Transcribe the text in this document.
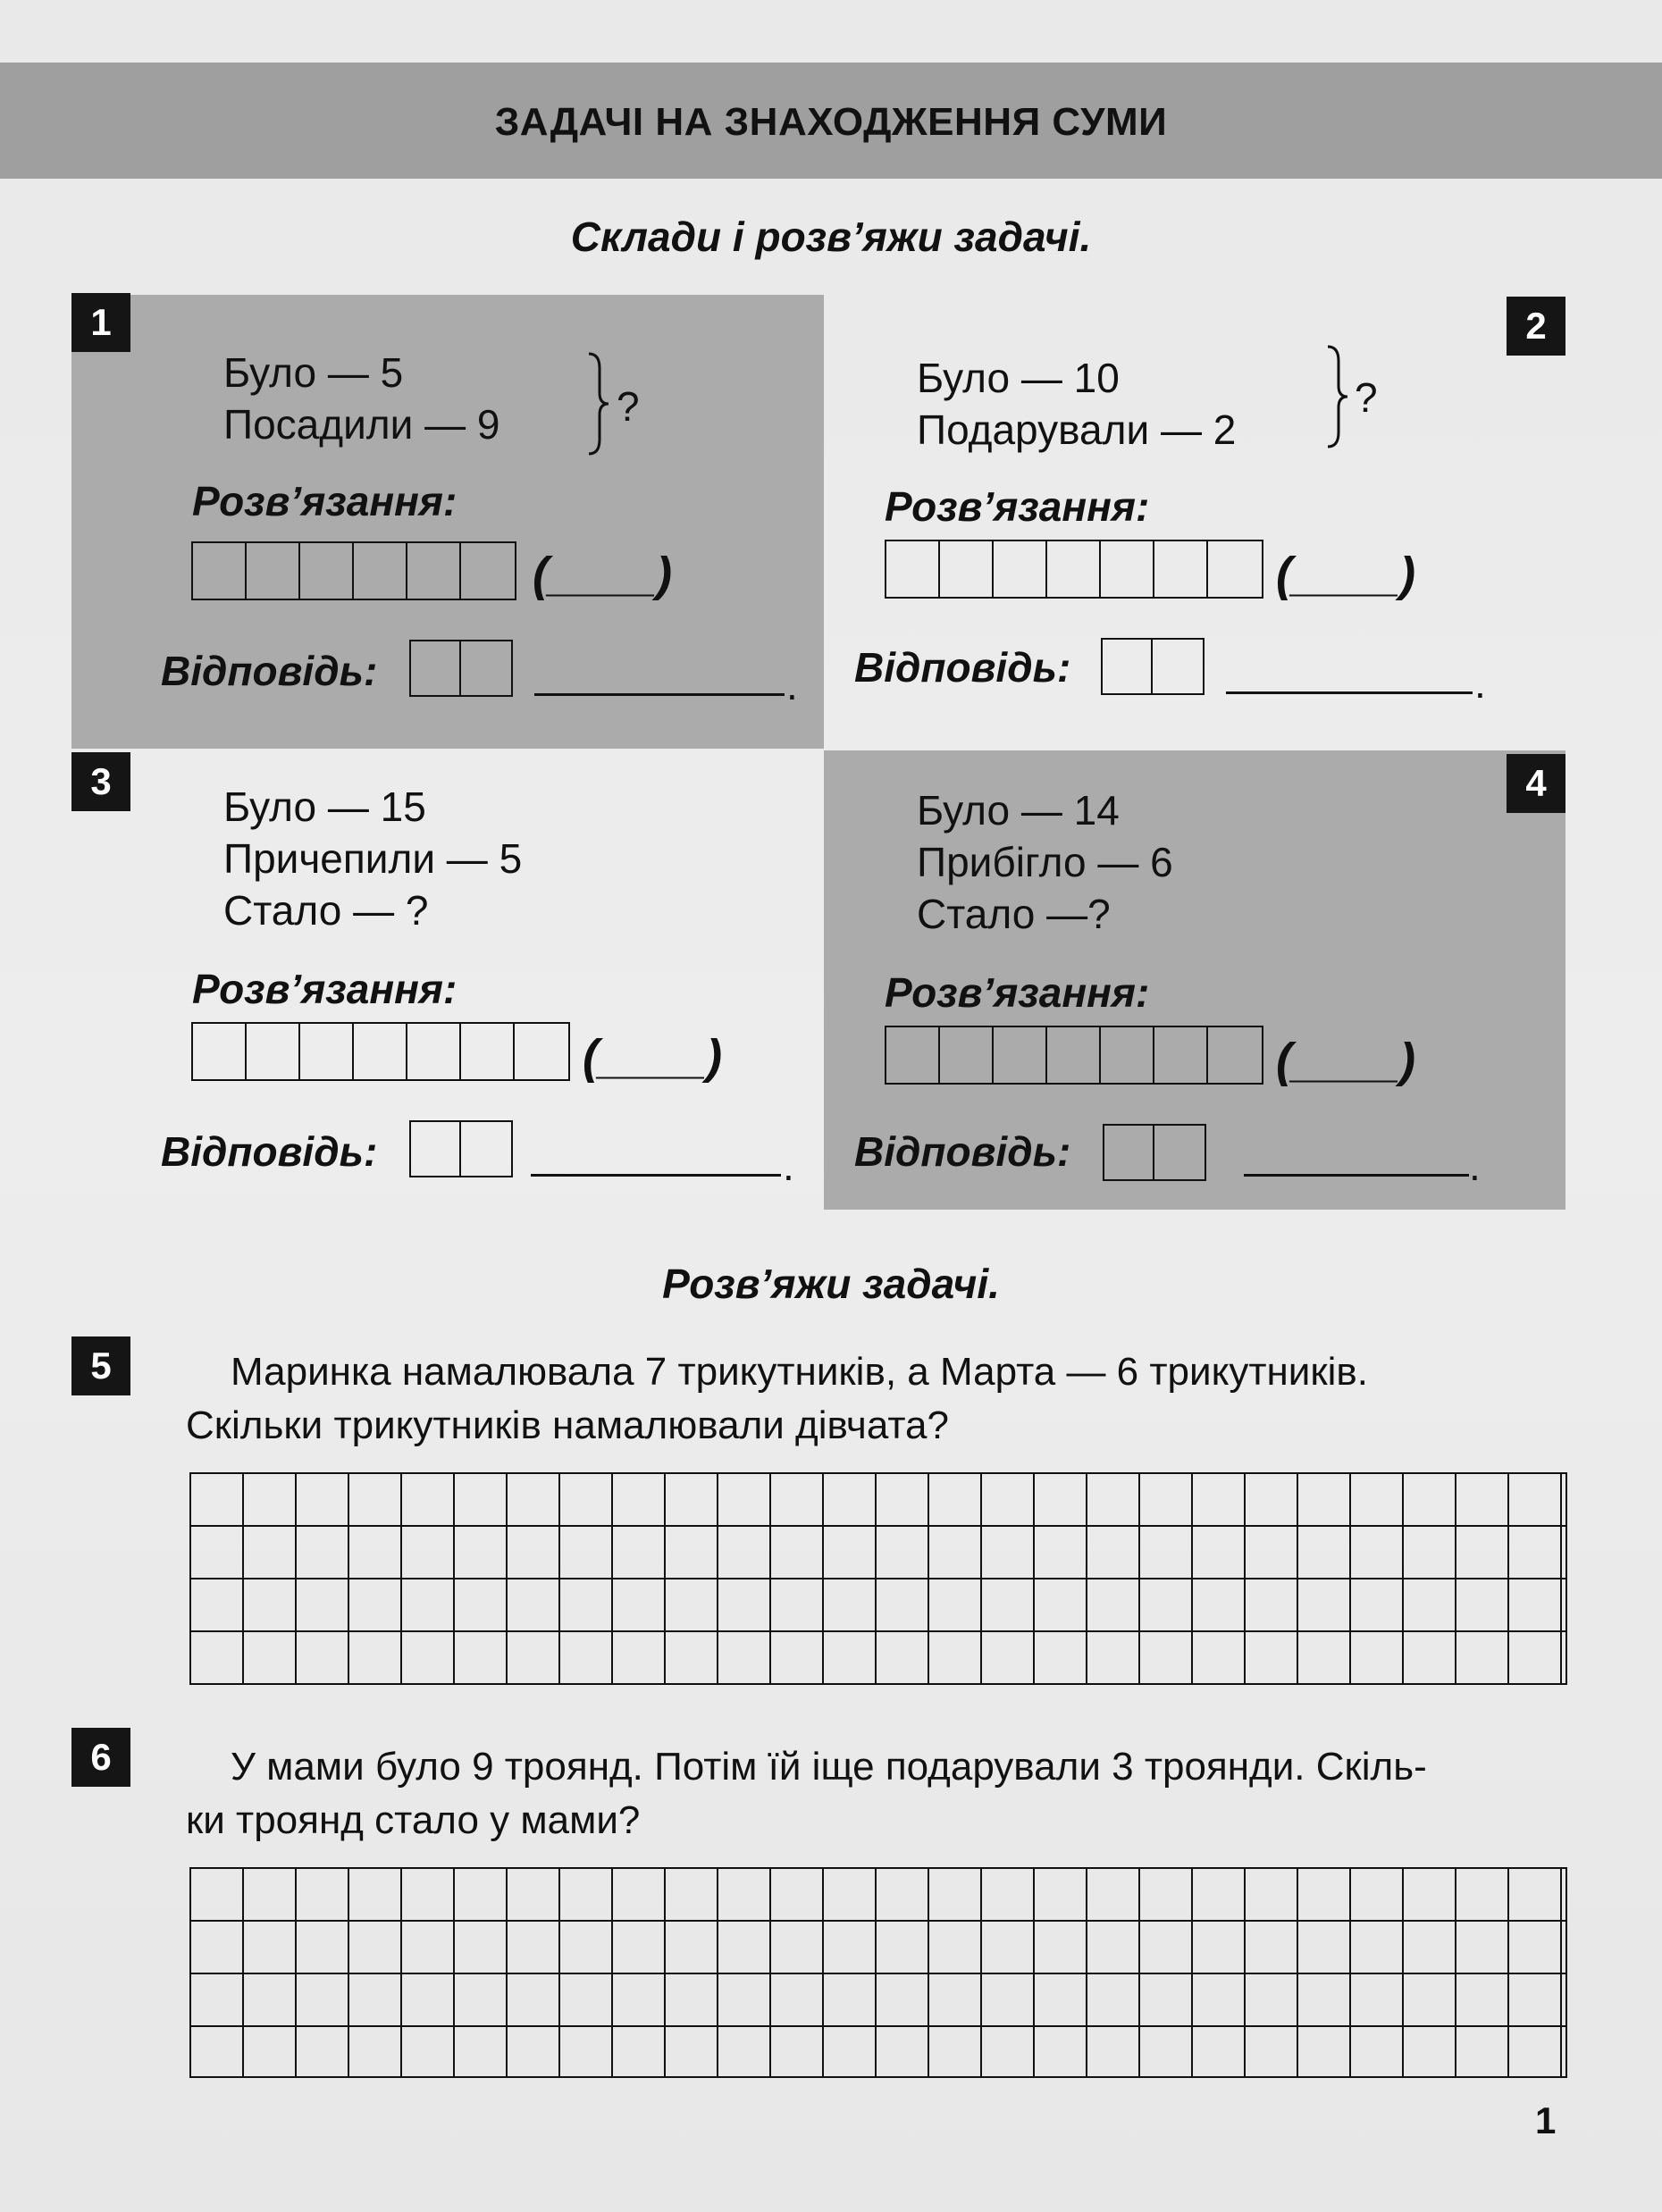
ЗАДАЧІ НА ЗНАХОДЖЕННЯ СУМИ
Склади і розв’яжи задачі.
1
Було — 5
Посадили — 9	?
Розв’язання:
(____)
Відповідь:	.
2
Було — 10
Подарували — 2
?
Розв’язання:
(____)
Відповідь:	.
3
Було — 15
Причепили — 5
Стало — ?
Розв’язання:
(____)
Відповідь:	.
4
Було — 14
Прибігло — 6
Стало —?
Розв’язання:
(____)
Відповідь:	.
Розв’яжи задачі.
5	Маринка намалювала 7 трикутників, а Марта — 6 трикутників.
Скільки трикутників намалювали дівчата?
6	У мами було 9 троянд. Потім їй іще подарували 3 троянди. Скіль-
ки троянд стало у мами?
1
